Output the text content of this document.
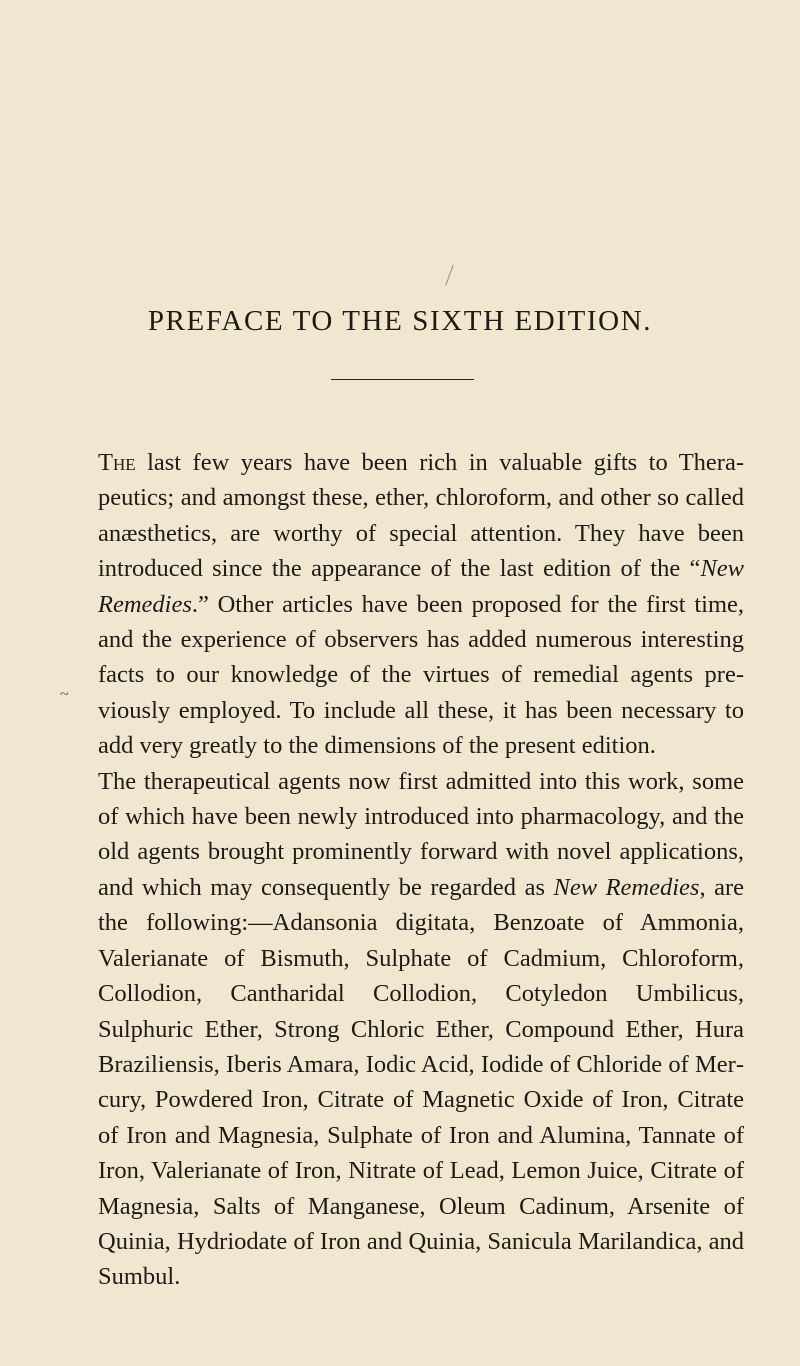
PREFACE TO THE SIXTH EDITION.
~

The last few years have been rich in valuable gifts to Therapeutics; and amongst these, ether, chloroform, and other so called anæsthetics, are worthy of special attention. They have been introduced since the appearance of the last edition of the “New Remedies.” Other articles have been proposed for the first time, and the experience of observers has added numerous interesting facts to our knowledge of the virtues of remedial agents previously employed. To include all these, it has been necessary to add very greatly to the dimensions of the present edition.

The therapeutical agents now first admitted into this work, some of which have been newly introduced into pharmacology, and the old agents brought prominently forward with novel applications, and which may consequently be regarded as New Remedies, are the following:—Adansonia digitata, Benzoate of Ammonia, Valerianate of Bismuth, Sulphate of Cadmium, Chloroform, Collodion, Cantharidal Collodion, Cotyledon Umbilicus, Sulphuric Ether, Strong Chloric Ether, Compound Ether, Hura Braziliensis, Iberis Amara, Iodic Acid, Iodide of Chloride of Mercury, Powdered Iron, Citrate of Magnetic Oxide of Iron, Citrate of Iron and Magnesia, Sulphate of Iron and Alumina, Tannate of Iron, Valerianate of Iron, Nitrate of Lead, Lemon Juice, Citrate of Magnesia, Salts of Manganese, Oleum Cadinum, Arsenite of Quinia, Hydriodate of Iron and Quinia, Sanicula Marilandica, and Sumbul.
